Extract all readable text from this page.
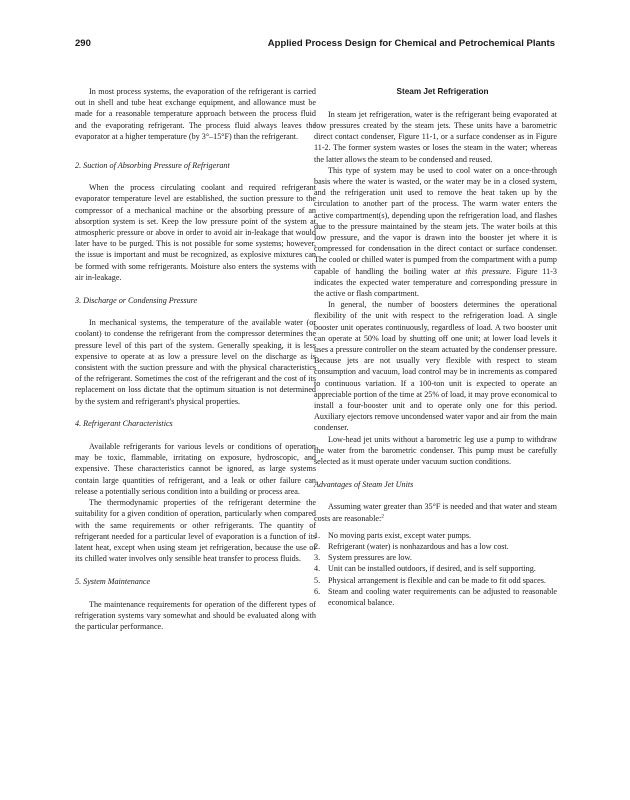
290	Applied Process Design for Chemical and Petrochemical Plants

In most process systems, the evaporation of the refrigerant is carried out in shell and tube heat exchange equipment, and allowance must be made for a reasonable temperature approach between the process fluid and the evaporating refrigerant. The process fluid always leaves the evaporator at a higher temperature (by 3°–15°F) than the refrigerant.

2. Suction of Absorbing Pressure of Refrigerant

When the process circulating coolant and required refrigerant evaporator temperature level are established, the suction pressure to the compressor of a mechanical machine or the absorbing pressure of an absorption system is set. Keep the low pressure point of the system at atmospheric pressure or above in order to avoid air in-leakage that would later have to be purged. This is not possible for some systems; however, the issue is important and must be recognized, as explosive mixtures can be formed with some refrigerants. Moisture also enters the systems with air in-leakage.

3. Discharge or Condensing Pressure

In mechanical systems, the temperature of the available water (or coolant) to condense the refrigerant from the compressor determines the pressure level of this part of the system. Generally speaking, it is less expensive to operate at as low a pressure level on the discharge as is consistent with the suction pressure and with the physical characteristics of the refrigerant. Sometimes the cost of the refrigerant and the cost of its replacement on loss dictate that the optimum situation is not determined by the system and refrigerant's physical properties.

4. Refrigerant Characteristics

Available refrigerants for various levels or conditions of operation may be toxic, flammable, irritating on exposure, hydroscopic, and expensive. These characteristics cannot be ignored, as large systems contain large quantities of refrigerant, and a leak or other failure can release a potentially serious condition into a building or process area.

The thermodynamic properties of the refrigerant determine the suitability for a given condition of operation, particularly when compared with the same requirements or other refrigerants. The quantity of refrigerant needed for a particular level of evaporation is a function of its latent heat, except when using steam jet refrigeration, because the use of its chilled water involves only sensible heat transfer to process fluids.

5. System Maintenance

The maintenance requirements for operation of the different types of refrigeration systems vary somewhat and should be evaluated along with the particular performance.

Steam Jet Refrigeration

In steam jet refrigeration, water is the refrigerant being evaporated at low pressures created by the steam jets. These units have a barometric direct contact condenser, Figure 11-1, or a surface condenser as in Figure 11-2. The former system wastes or loses the steam in the water; whereas the latter allows the steam to be condensed and reused.

This type of system may be used to cool water on a once-through basis where the water is wasted, or the water may be in a closed system, and the refrigeration unit used to remove the heat taken up by the circulation to another part of the process. The warm water enters the active compartment(s), depending upon the refrigeration load, and flashes due to the pressure maintained by the steam jets. The water boils at this low pressure, and the vapor is drawn into the booster jet where it is compressed for condensation in the direct contact or surface condenser. The cooled or chilled water is pumped from the compartment with a pump capable of handling the boiling water at this pressure. Figure 11-3 indicates the expected water temperature and corresponding pressure in the active or flash compartment.

In general, the number of boosters determines the operational flexibility of the unit with respect to the refrigeration load. A single booster unit operates continuously, regardless of load. A two booster unit can operate at 50% load by shutting off one unit; at lower load levels it uses a pressure controller on the steam actuated by the condenser pressure. Because jets are not usually very flexible with respect to steam consumption and vacuum, load control may be in increments as compared to continuous variation. If a 100-ton unit is expected to operate an appreciable portion of the time at 25% of load, it may prove economical to install a four-booster unit and to operate only one for this period. Auxiliary ejectors remove uncondensed water vapor and air from the main condenser.

Low-head jet units without a barometric leg use a pump to withdraw the water from the barometric condenser. This pump must be carefully selected as it must operate under vacuum suction conditions.

Advantages of Steam Jet Units

Assuming water greater than 35°F is needed and that water and steam costs are reasonable:$^2$

1. No moving parts exist, except water pumps.
2. Refrigerant (water) is nonhazardous and has a low cost.
3. System pressures are low.
4. Unit can be installed outdoors, if desired, and is self supporting.
5. Physical arrangement is flexible and can be made to fit odd spaces.
6. Steam and cooling water requirements can be adjusted to reasonable economical balance.
